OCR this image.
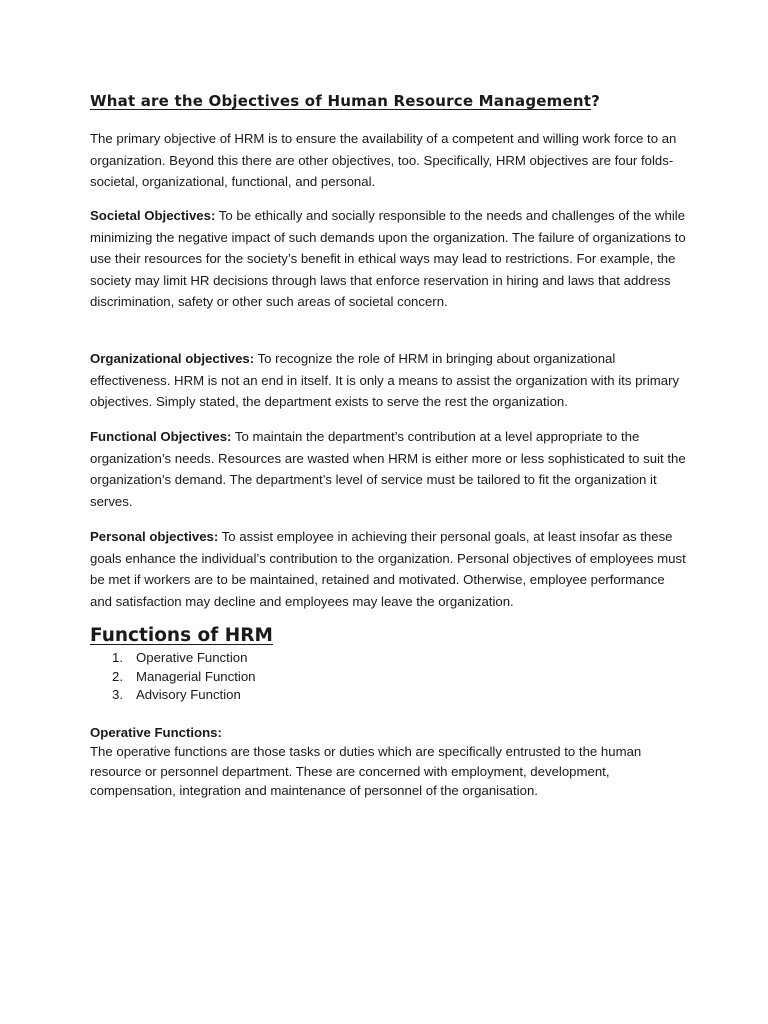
What are the Objectives of Human Resource Management?

The primary objective of HRM is to ensure the availability of a competent and willing work force to an organization. Beyond this there are other objectives, too. Specifically, HRM objectives are four folds- societal, organizational, functional, and personal.

Societal Objectives: To be ethically and socially responsible to the needs and challenges of the while minimizing the negative impact of such demands upon the organization. The failure of organizations to use their resources for the society’s benefit in ethical ways may lead to restrictions. For example, the society may limit HR decisions through laws that enforce reservation in hiring and laws that address discrimination, safety or other such areas of societal concern.

Organizational objectives: To recognize the role of HRM in bringing about organizational effectiveness. HRM is not an end in itself. It is only a means to assist the organization with its primary objectives. Simply stated, the department exists to serve the rest the organization.

Functional Objectives: To maintain the department’s contribution at a level appropriate to the organization’s needs. Resources are wasted when HRM is either more or less sophisticated to suit the organization’s demand. The department’s level of service must be tailored to fit the organization it serves.

Personal objectives: To assist employee in achieving their personal goals, at least insofar as these goals enhance the individual’s contribution to the organization. Personal objectives of employees must be met if workers are to be maintained, retained and motivated. Otherwise, employee performance and satisfaction may decline and employees may leave the organization.

Functions of HRM
1. Operative Function
2. Managerial Function
3. Advisory Function
Operative Functions:

The operative functions are those tasks or duties which are specifically entrusted to the human resource or personnel department. These are concerned with employment, development, compensation, integration and maintenance of personnel of the organisation.
